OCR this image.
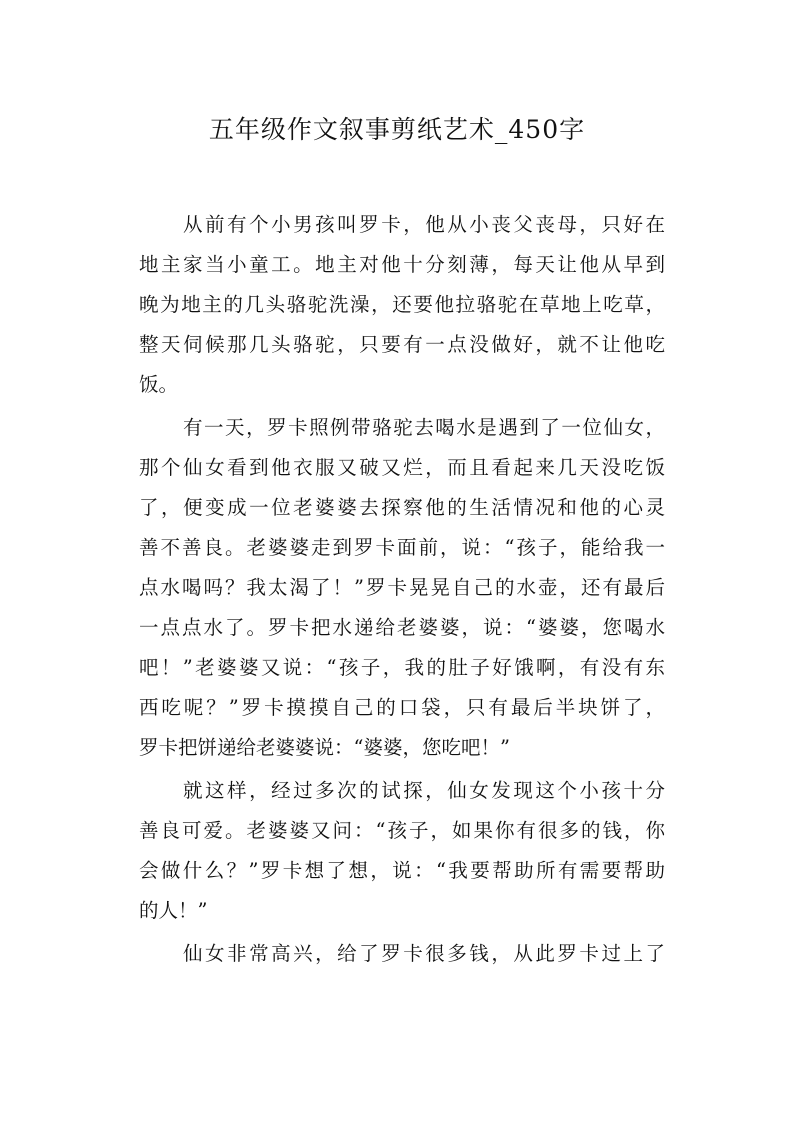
五年级作文叙事剪纸艺术_450字
从前有个小男孩叫罗卡，他从小丧父丧母，只好在
地主家当小童工。地主对他十分刻薄，每天让他从早到
晚为地主的几头骆驼洗澡，还要他拉骆驼在草地上吃草，
整天伺候那几头骆驼，只要有一点没做好，就不让他吃
饭。
有一天，罗卡照例带骆驼去喝水是遇到了一位仙女，
那个仙女看到他衣服又破又烂，而且看起来几天没吃饭
了，便变成一位老婆婆去探察他的生活情况和他的心灵
善不善良。老婆婆走到罗卡面前，说：“孩子，能给我一
点水喝吗？我太渴了！”罗卡晃晃自己的水壶，还有最后
一点点水了。罗卡把水递给老婆婆，说：“婆婆，您喝水
吧！”老婆婆又说：“孩子，我的肚子好饿啊，有没有东
西吃呢？”罗卡摸摸自己的口袋，只有最后半块饼了，
罗卡把饼递给老婆婆说：“婆婆，您吃吧！”
就这样，经过多次的试探，仙女发现这个小孩十分
善良可爱。老婆婆又问：“孩子，如果你有很多的钱，你
会做什么？”罗卡想了想，说：“我要帮助所有需要帮助
的人！”
仙女非常高兴，给了罗卡很多钱，从此罗卡过上了
